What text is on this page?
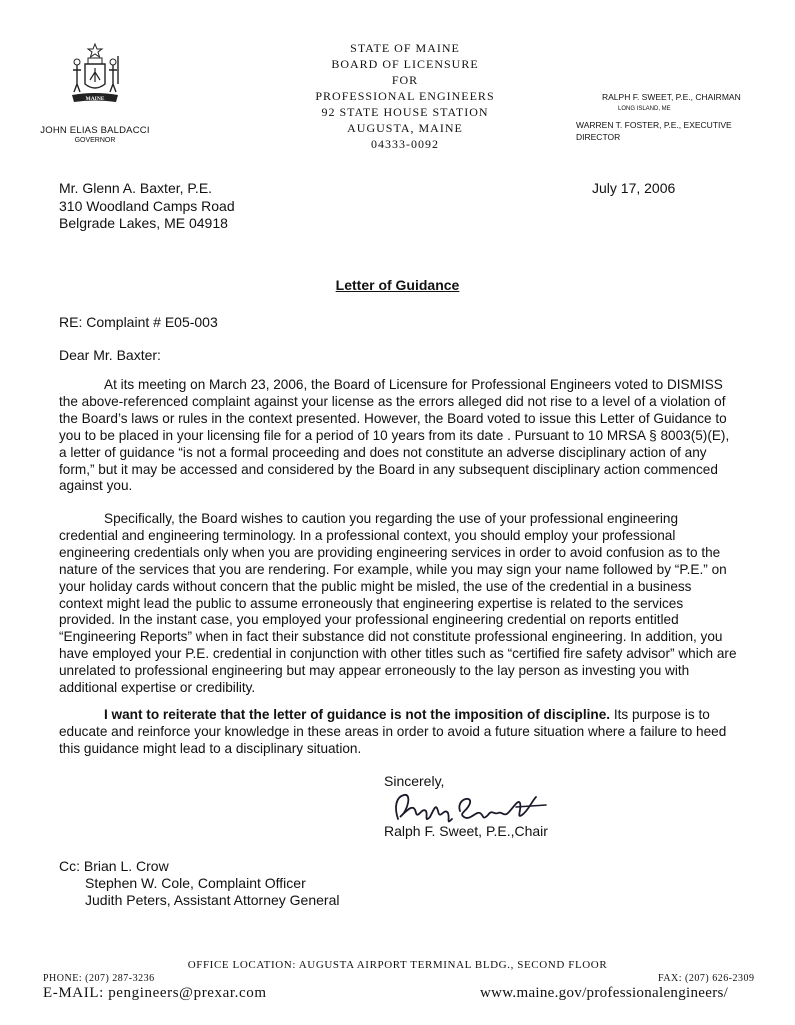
MAINE
JOHN ELIAS BALDACCI
GOVERNOR
STATE OF MAINE
BOARD OF LICENSURE
FOR
PROFESSIONAL ENGINEERS
92 STATE HOUSE STATION
AUGUSTA, MAINE
04333-0092
RALPH F. SWEET, P.E., CHAIRMAN
LONG ISLAND, ME
WARREN T. FOSTER, P.E., EXECUTIVE DIRECTOR
Mr. Glenn A. Baxter, P.E.
310 Woodland Camps Road
Belgrade Lakes, ME 04918
July 17, 2006
Letter of Guidance
RE: Complaint # E05-003
Dear Mr. Baxter:
At its meeting on March 23, 2006, the Board of Licensure for Professional Engineers voted to DISMISS the above-referenced complaint against your license as the errors alleged did not rise to a level of a violation of the Board’s laws or rules in the context presented. However, the Board voted to issue this Letter of Guidance to you to be placed in your licensing file for a period of 10 years from its date . Pursuant to 10 MRSA § 8003(5)(E), a letter of guidance “is not a formal proceeding and does not constitute an adverse disciplinary action of any form,” but it may be accessed and considered by the Board in any subsequent disciplinary action commenced against you.
Specifically, the Board wishes to caution you regarding the use of your professional engineering credential and engineering terminology. In a professional context, you should employ your professional engineering credentials only when you are providing engineering services in order to avoid confusion as to the nature of the services that you are rendering. For example, while you may sign your name followed by “P.E.” on your holiday cards without concern that the public might be misled, the use of the credential in a business context might lead the public to assume erroneously that engineering expertise is related to the services provided. In the instant case, you employed your professional engineering credential on reports entitled “Engineering Reports” when in fact their substance did not constitute professional engineering. In addition, you have employed your P.E. credential in conjunction with other titles such as “certified fire safety advisor” which are unrelated to professional engineering but may appear erroneously to the lay person as investing you with additional expertise or credibility.
I want to reiterate that the letter of guidance is not the imposition of discipline. Its purpose is to educate and reinforce your knowledge in these areas in order to avoid a future situation where a failure to heed this guidance might lead to a disciplinary situation.
Sincerely,
Ralph F. Sweet, P.E.,Chair
Cc: Brian L. Crow
Stephen W. Cole, Complaint Officer
Judith Peters, Assistant Attorney General
OFFICE LOCATION: AUGUSTA AIRPORT TERMINAL BLDG., SECOND FLOOR
PHONE: (207) 287-3236	FAX: (207) 626-2309
E-MAIL: pengineers@prexar.com	www.maine.gov/professionalengineers/
